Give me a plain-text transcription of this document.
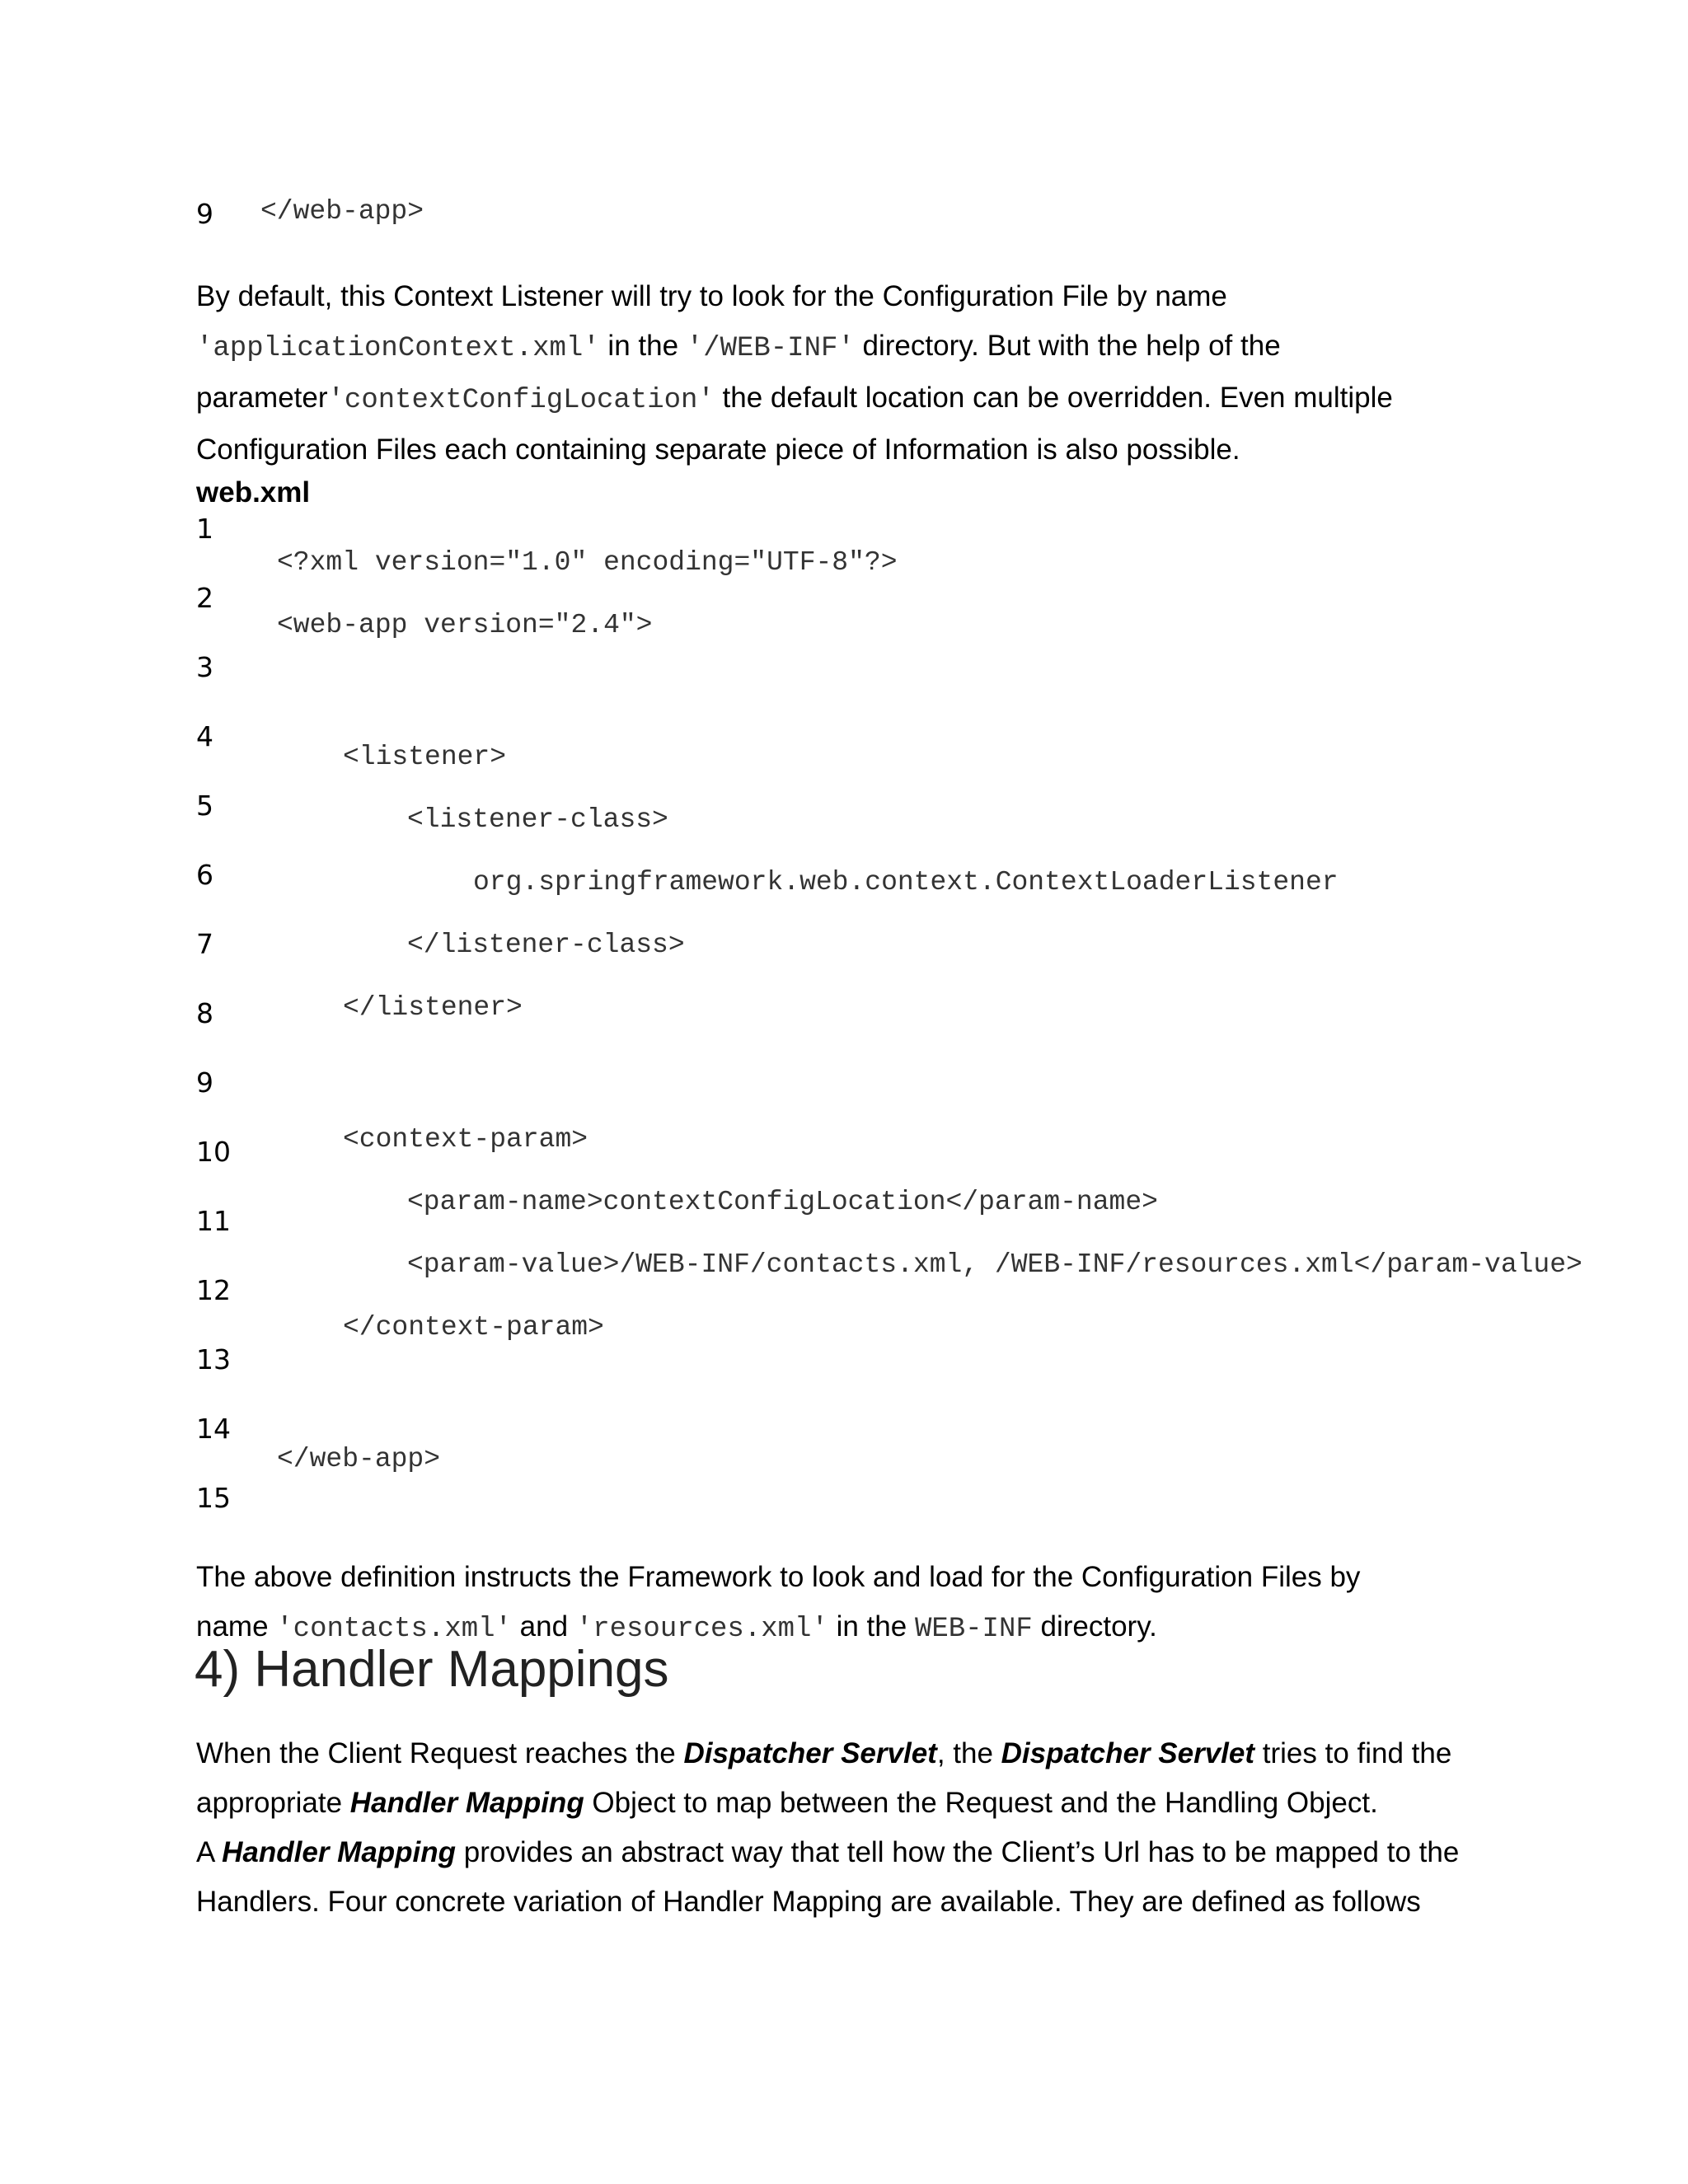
9 </web-app>
By default, this Context Listener will try to look for the Configuration File by name
'applicationContext.xml' in the '/WEB-INF' directory. But with the help of the
parameter'contextConfigLocation' the default location can be overridden. Even multiple
Configuration Files each containing separate piece of Information is also possible.
web.xml
1
2
3
4
5
6
7
8
9
10
11
12
13
14
15
<?xml version="1.0" encoding="UTF-8"?>
<web-app version="2.4">
<listener>
<listener-class>
org.springframework.web.context.ContextLoaderListener
</listener-class>
</listener>
<context-param>
<param-name>contextConfigLocation</param-name>
<param-value>/WEB-INF/contacts.xml, /WEB-INF/resources.xml</param-value>
</context-param>
</web-app>
The above definition instructs the Framework to look and load for the Configuration Files by
name 'contacts.xml' and 'resources.xml' in the WEB-INF directory.
4) Handler Mappings
When the Client Request reaches the Dispatcher Servlet, the Dispatcher Servlet tries to find the
appropriate Handler Mapping Object to map between the Request and the Handling Object.
A Handler Mapping provides an abstract way that tell how the Client’s Url has to be mapped to the
Handlers. Four concrete variation of Handler Mapping are available. They are defined as follows
